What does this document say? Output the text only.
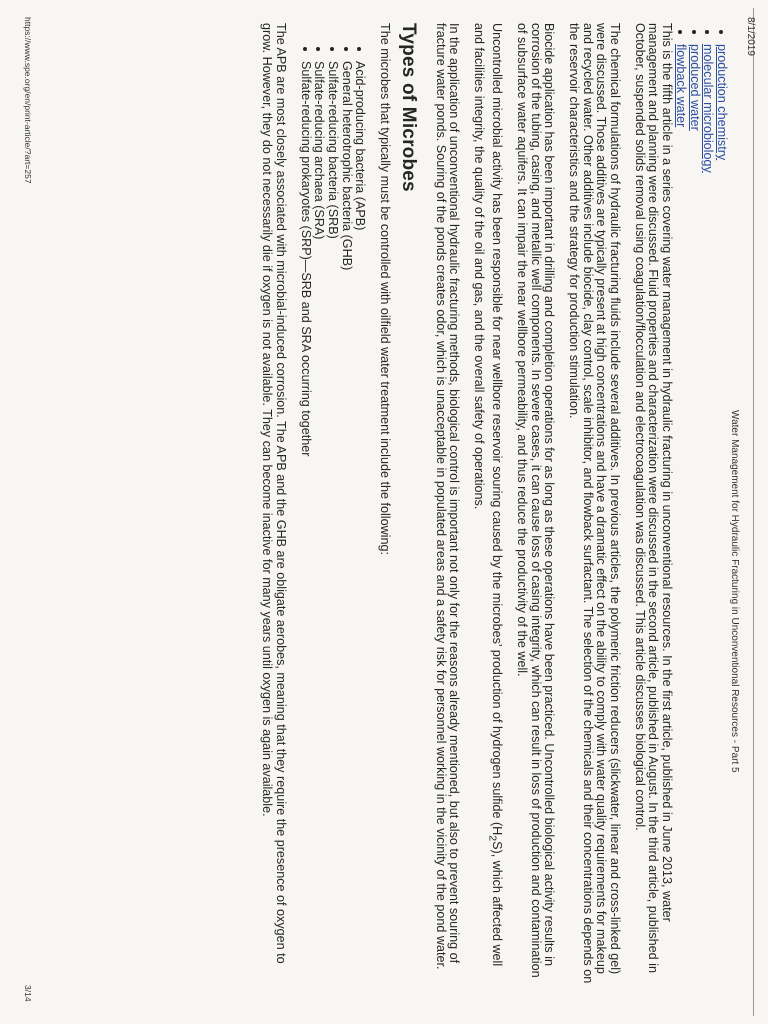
8/1/2019
Water Management for Hydraulic Fracturing in Unconventional Resources - Part 5
• production chemistry
• molecular microbiology
• produced water
• flowback water

This is the fifth article in a series covering water management in hydraulic fracturing in unconventional resources. In the first article, published in June 2013, water management and planning were discussed. Fluid properties and characterization were discussed in the second article, published in August. In the third article, published in October, suspended solids removal using coagulation/flocculation and electrocoagulation was discussed. This article discusses biological control.

The chemical formulations of hydraulic fracturing fluids include several additives. In previous articles, the polymeric friction reducers (slickwater, linear and cross-linked gel) were discussed. Those additives are typically present at high concentrations and have a dramatic effect on the ability to comply with water quality requirements for makeup and recycled water. Other additives include biocide, clay control, scale inhibitor, and flowback surfactant. The selection of the chemicals and their concentrations depends on the reservoir characteristics and the strategy for production stimulation.

Biocide application has been important in drilling and completion operations for as long as these operations have been practiced. Uncontrolled biological activity results in corrosion of the tubing, casing, and metallic well components. In severe cases, it can cause loss of casing integrity, which can result in loss of production and contamination of subsurface water aquifers. It can impair the near wellbore permeability, and thus reduce the productivity of the well.

Uncontrolled microbial activity has been responsible for near wellbore reservoir souring caused by the microbes’ production of hydrogen sulfide $(H_2S)$, which affected well and facilities integrity, the quality of the oil and gas, and the overall safety of operations.

In the application of unconventional hydraulic fracturing methods, biological control is important not only for the reasons already mentioned, but also to prevent souring of fracture water ponds. Souring of the ponds creates odor, which is unacceptable in populated areas and a safety risk for personnel working in the vicinity of the pond water.

Types of Microbes

The microbes that typically must be controlled with oilfield water treatment include the following:

• Acid-producing bacteria (APB)
• General heterotrophic bacteria (GHB)
• Sulfate-reducing bacteria (SRB)
• Sulfate-reducing archaea (SRA)
• Sulfate-reducing prokaryotes (SRP)—SRB and SRA occurring together

The APB are most closely associated with microbial-induced corrosion. The APB and the GHB are obligate aerobes, meaning that they require the presence of oxygen to grow. However, they do not necessarily die if oxygen is not available. They can become inactive for many years until oxygen is again available.

https://www.spe.org/en/print-article/?art=257
3/14
